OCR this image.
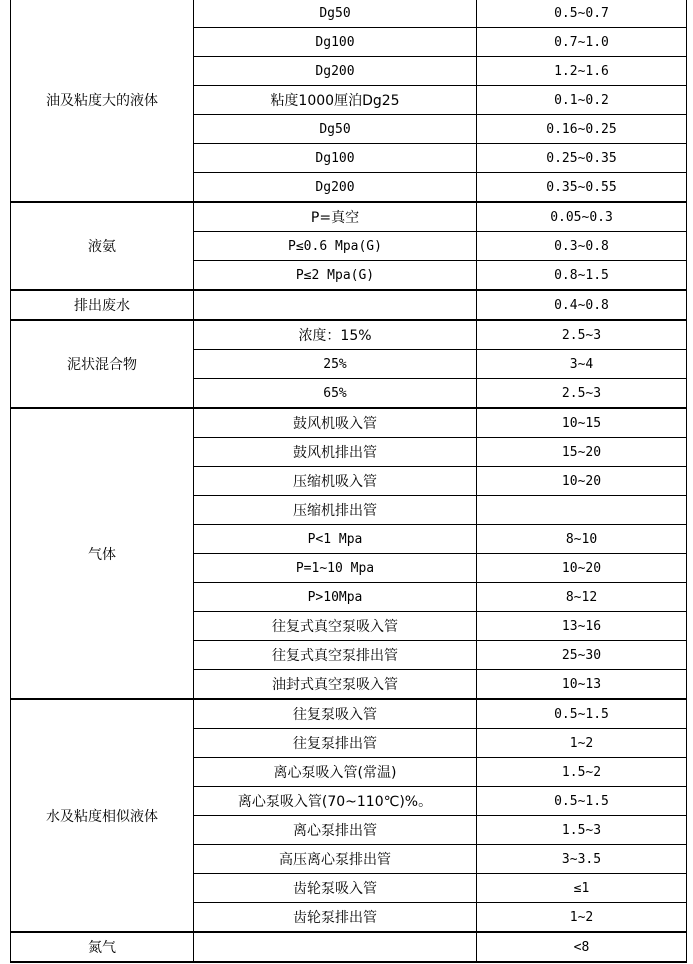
油及粘度大的液体	Dg50	0.5~0.7
	Dg100	0.7~1.0
	Dg200	1.2~1.6
	粘度1000厘泊Dg25	0.1~0.2
	Dg50	0.16~0.25
	Dg100	0.25~0.35
	Dg200	0.35~0.55
液氨	P=真空	0.05~0.3
	P≤0.6 Mpa(G)	0.3~0.8
	P≤2 Mpa(G)	0.8~1.5
排出废水		0.4~0.8
泥状混合物	浓度：15%	2.5~3
	25%	3~4
	65%	2.5~3
气体	鼓风机吸入管	10~15
	鼓风机排出管	15~20
	压缩机吸入管	10~20
	压缩机排出管	
	P<1 Mpa	8~10
	P=1~10 Mpa	10~20
	P>10Mpa	8~12
	往复式真空泵吸入管	13~16
	往复式真空泵排出管	25~30
	油封式真空泵吸入管	10~13
水及粘度相似液体	往复泵吸入管	0.5~1.5
	往复泵排出管	1~2
	离心泵吸入管(常温)	1.5~2
	离心泵吸入管(70~110℃)%。	0.5~1.5
	离心泵排出管	1.5~3
	高压离心泵排出管	3~3.5
	齿轮泵吸入管	≤1
	齿轮泵排出管	1~2
氮气		<8
